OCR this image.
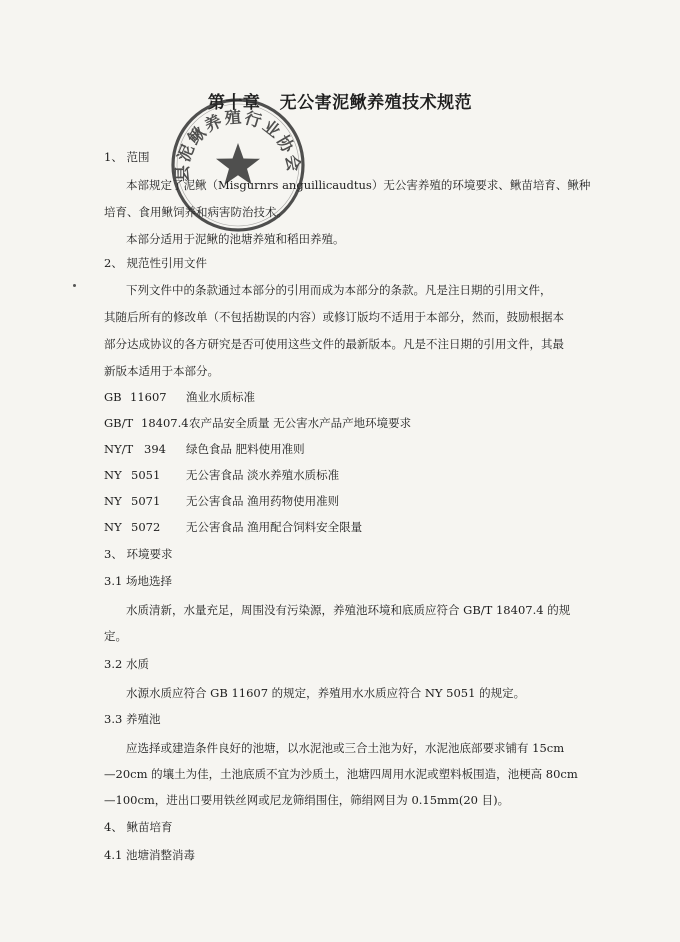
第十章   无公害泥鳅养殖技术规范
1、 范围
本部规定了泥鳅（Misgurnrs anguillicaudtus）无公害养殖的环境要求、鳅苗培育、鳅种
培育、食用鳅饲养和病害防治技术。
本部分适用于泥鳅的池塘养殖和稻田养殖。
2、 规范性引用文件
下列文件中的条款通过本部分的引用而成为本部分的条款。凡是注日期的引用文件，
其随后所有的修改单（不包括勘误的内容）或修订版均不适用于本部分，然而，鼓励根据本
部分达成协议的各方研究是否可使用这些文件的最新版本。凡是不注日期的引用文件，其最
新版本适用于本部分。
GB 11607 渔业水质标准
GB/T 18407.4 农产品安全质量 无公害水产品产地环境要求
NY/T 394 绿色食品 肥料使用准则
NY 5051 无公害食品 淡水养殖水质标准
NY 5071 无公害食品 渔用药物使用准则
NY 5072 无公害食品 渔用配合饲料安全限量
3、 环境要求
3.1 场地选择
水质清新，水量充足，周围没有污染源，养殖池环境和底质应符合 GB/T 18407.4 的规
定。
3.2 水质
水源水质应符合 GB 11607 的规定，养殖用水水质应符合 NY 5051 的规定。
3.3 养殖池
应选择或建造条件良好的池塘，以水泥池或三合土池为好，水泥池底部要求铺有 15cm
—20cm 的壤土为佳，土池底质不宜为沙质土，池塘四周用水泥或塑料板围造，池梗高 80cm
—100cm，进出口要用铁丝网或尼龙筛绢围住，筛绢网目为 0.15mm(20 目)。
4、 鳅苗培育
4.1 池塘消整消毒
县泥鳅养殖行业协会
